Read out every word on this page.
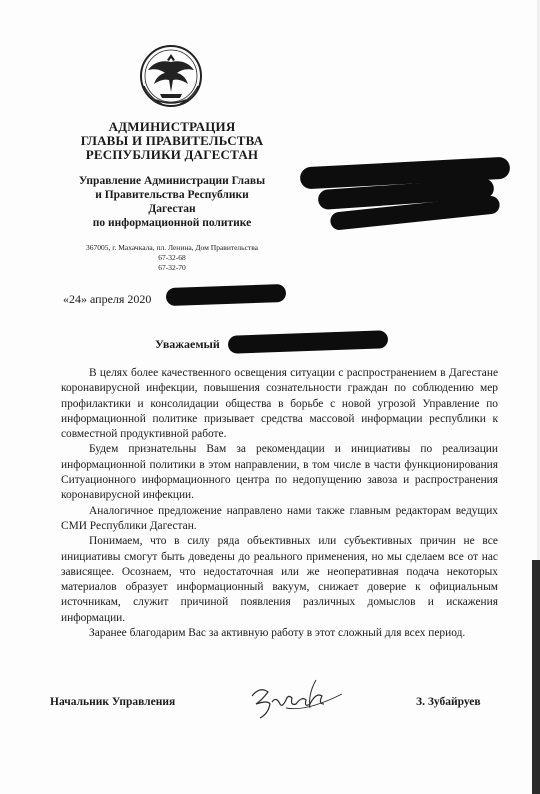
АДМИНИСТРАЦИЯ
ГЛАВЫ И ПРАВИТЕЛЬСТВА
РЕСПУБЛИКИ ДАГЕСТАН
Управление Администрации Главы
и Правительства Республики
Дагестан
по информационной политике
367005, г. Махачкала, пл. Ленина, Дом Правительства
67-32-68
67-32-70
«24» апреля 2020
Уважаемый

В целях более качественного освещения ситуации с распространением в Дагестане коронавирусной инфекции, повышения сознательности граждан по соблюдению мер профилактики и консолидации общества в борьбе с новой угрозой Управление по информационной политике призывает средства массовой информации республики к совместной продуктивной работе.

Будем признательны Вам за рекомендации и инициативы по реализации информационной политики в этом направлении, в том числе в части функционирования Ситуационного информационного центра по недопущению завоза и распространения коронавирусной инфекции.

Аналогичное предложение направлено нами также главным редакторам ведущих СМИ Республики Дагестан.

Понимаем, что в силу ряда объективных или субъективных причин не все инициативы смогут быть доведены до реального применения, но мы сделаем все от нас зависящее. Осознаем, что недостаточная или же неоперативная подача некоторых материалов образует информационный вакуум, снижает доверие к официальным источникам, служит причиной появления различных домыслов и искажения информации.

Заранее благодарим Вас за активную работу в этот сложный для всех период.

Начальник Управления	З. Зубайруев
